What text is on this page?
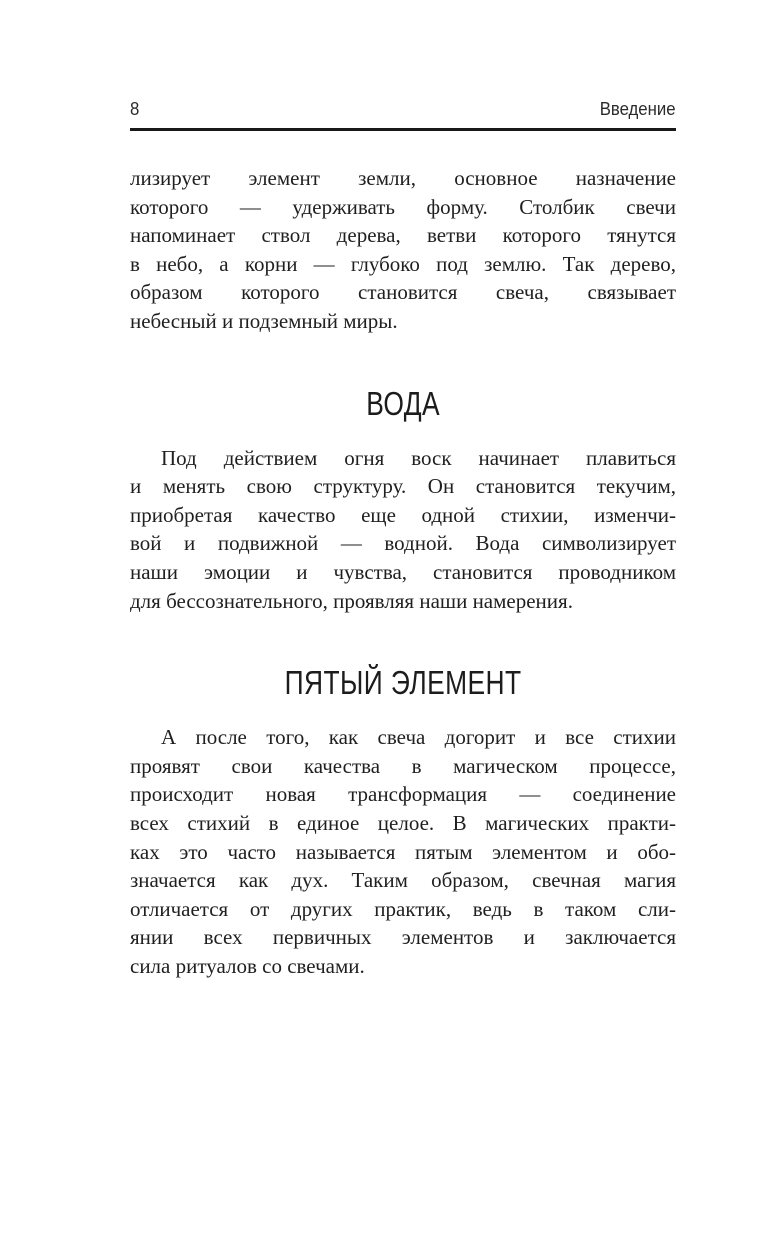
8	Введение
лизирует элемент земли, основное назначение
которого — удерживать форму. Столбик свечи
напоминает ствол дерева, ветви которого тянутся
в небо, а корни — глубоко под землю. Так дерево,
образом которого становится свеча, связывает
небесный и подземный миры.
ВОДА
Под действием огня воск начинает плавиться
и менять свою структуру. Он становится текучим,
приобретая качество еще одной стихии, изменчи-
вой и подвижной — водной. Вода символизирует
наши эмоции и чувства, становится проводником
для бессознательного, проявляя наши намерения.
ПЯТЫЙ ЭЛЕМЕНТ
А после того, как свеча догорит и все стихии
проявят свои качества в магическом процессе,
происходит новая трансформация — соединение
всех стихий в единое целое. В магических практи-
ках это часто называется пятым элементом и обо-
значается как дух. Таким образом, свечная магия
отличается от других практик, ведь в таком сли-
янии всех первичных элементов и заключается
сила ритуалов со свечами.
